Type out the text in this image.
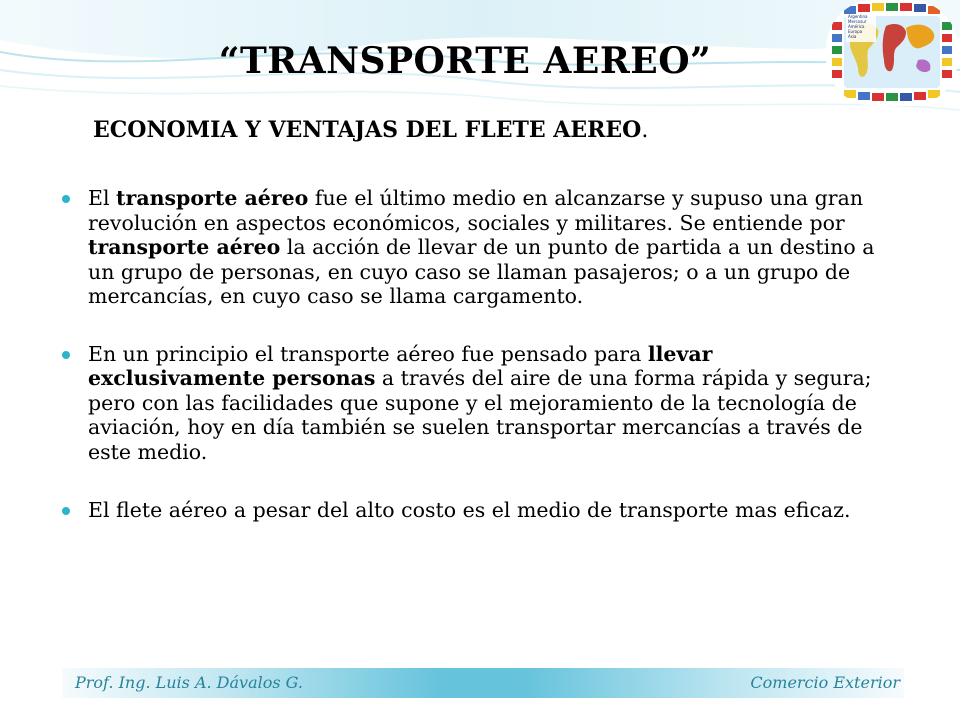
“TRANSPORTE AEREO”
ECONOMIA Y VENTAJAS DEL FLETE AEREO.
Argentina
Mercosur
América
Europa
Asia
El transporte aéreo fue el último medio en alcanzarse y supuso una gran revolución en aspectos económicos, sociales y militares. Se entiende por transporte aéreo la acción de llevar de un punto de partida a un destino a un grupo de personas, en cuyo caso se llaman pasajeros; o a un grupo de mercancías, en cuyo caso se llama cargamento.
En un principio el transporte aéreo fue pensado para llevar exclusivamente personas a través del aire de una forma rápida y segura; pero con las facilidades que supone y el mejoramiento de la tecnología de aviación, hoy en día también se suelen transportar mercancías a través de este medio.
El flete aéreo a pesar del alto costo es el medio de transporte mas eficaz.
Prof. Ing. Luis A. Dávalos G.	Comercio Exterior
